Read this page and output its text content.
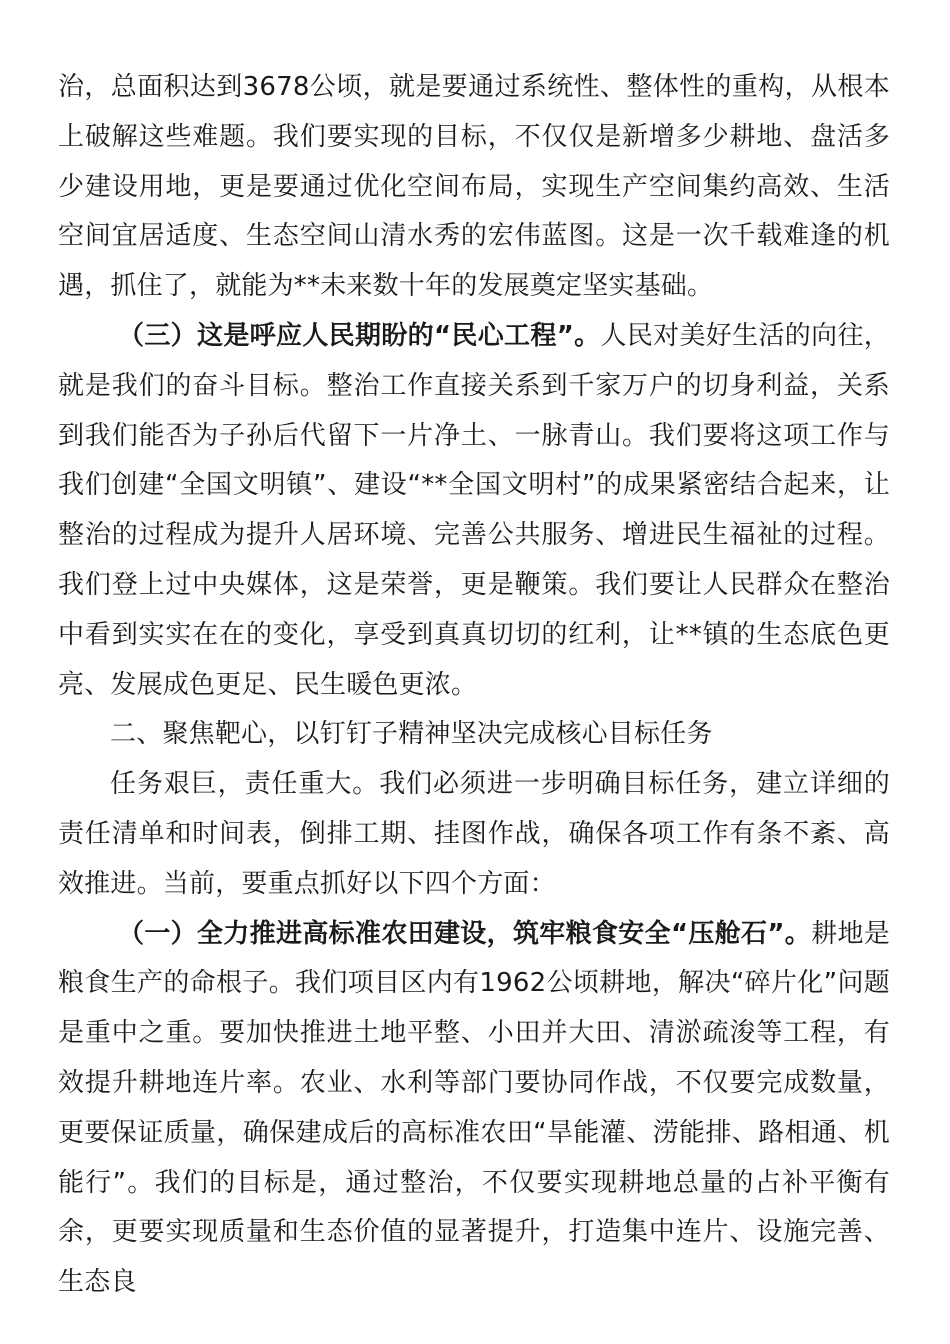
治，总面积达到3678公顷，就是要通过系统性、整体性的重构，从根本上破解这些难题。我们要实现的目标，不仅仅是新增多少耕地、盘活多少建设用地，更是要通过优化空间布局，实现生产空间集约高效、生活空间宜居适度、生态空间山清水秀的宏伟蓝图。这是一次千载难逢的机遇，抓住了，就能为**未来数十年的发展奠定坚实基础。

（三）这是呼应人民期盼的“民心工程”。人民对美好生活的向往，就是我们的奋斗目标。整治工作直接关系到千家万户的切身利益，关系到我们能否为子孙后代留下一片净土、一脉青山。我们要将这项工作与我们创建“全国文明镇”、建设“**全国文明村”的成果紧密结合起来，让整治的过程成为提升人居环境、完善公共服务、增进民生福祉的过程。我们登上过中央媒体，这是荣誉，更是鞭策。我们要让人民群众在整治中看到实实在在的变化，享受到真真切切的红利，让**镇的生态底色更亮、发展成色更足、民生暖色更浓。

二、聚焦靶心，以钉钉子精神坚决完成核心目标任务

任务艰巨，责任重大。我们必须进一步明确目标任务，建立详细的责任清单和时间表，倒排工期、挂图作战，确保各项工作有条不紊、高效推进。当前，要重点抓好以下四个方面：

（一）全力推进高标准农田建设，筑牢粮食安全“压舱石”。耕地是粮食生产的命根子。我们项目区内有1962公顷耕地，解决“碎片化”问题是重中之重。要加快推进土地平整、小田并大田、清淤疏浚等工程，有效提升耕地连片率。农业、水利等部门要协同作战，不仅要完成数量，更要保证质量，确保建成后的高标准农田“旱能灌、涝能排、路相通、机能行”。我们的目标是，通过整治，不仅要实现耕地总量的占补平衡有余，更要实现质量和生态价值的显著提升，打造集中连片、设施完善、生态良
